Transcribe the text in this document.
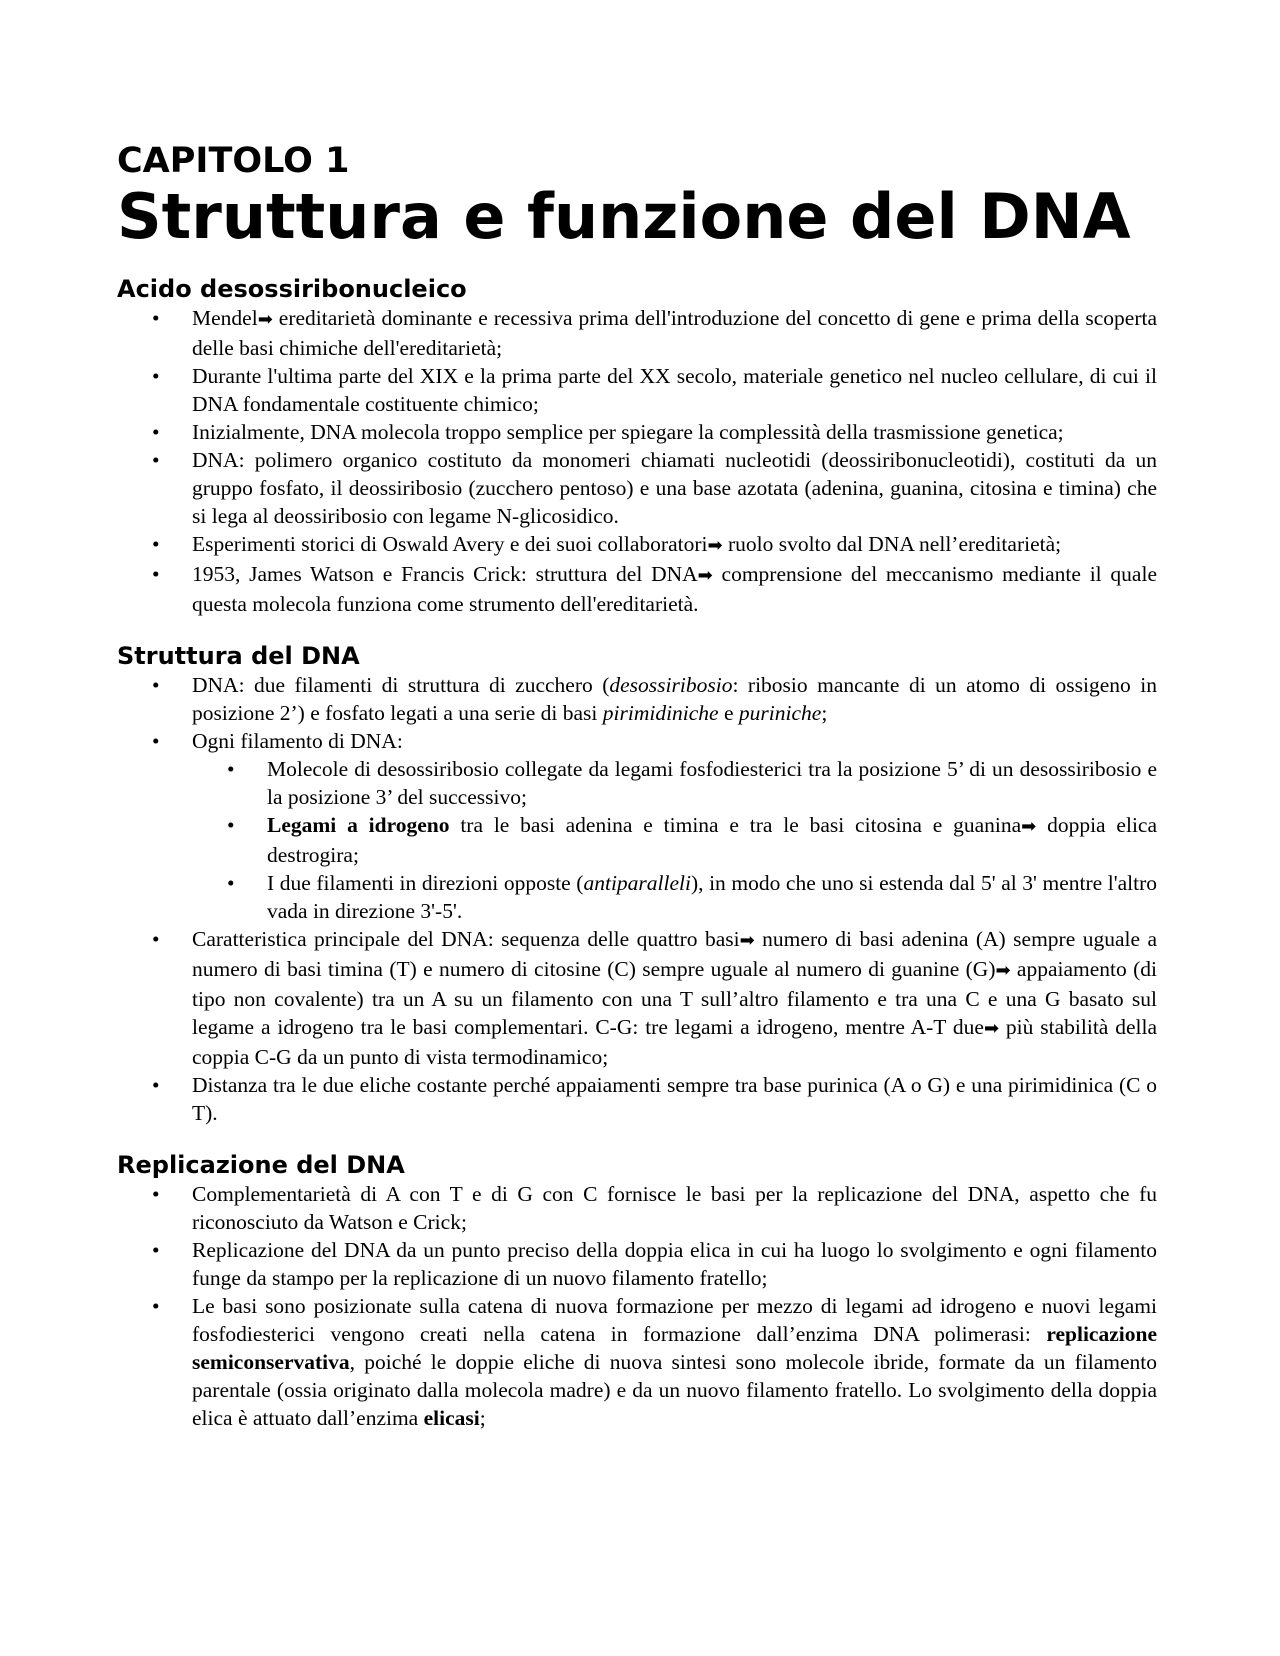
CAPITOLO 1
Struttura e funzione del DNA
Acido desossiribonucleico
• Mendel➡ ereditarietà dominante e recessiva prima dell'introduzione del concetto di gene e prima della scoperta delle basi chimiche dell'ereditarietà;
• Durante l'ultima parte del XIX e la prima parte del XX secolo, materiale genetico nel nucleo cellulare, di cui il DNA fondamentale costituente chimico;
• Inizialmente, DNA molecola troppo semplice per spiegare la complessità della trasmissione genetica;
• DNA: polimero organico costituto da monomeri chiamati nucleotidi (deossiribonucleotidi), costituti da un gruppo fosfato, il deossiribosio (zucchero pentoso) e una base azotata (adenina, guanina, citosina e timina) che si lega al deossiribosio con legame N-glicosidico.
• Esperimenti storici di Oswald Avery e dei suoi collaboratori➡ ruolo svolto dal DNA nell’ereditarietà;
• 1953, James Watson e Francis Crick: struttura del DNA➡ comprensione del meccanismo mediante il quale questa molecola funziona come strumento dell'ereditarietà.
Struttura del DNA
• DNA: due filamenti di struttura di zucchero (desossiribosio: ribosio mancante di un atomo di ossigeno in posizione 2’) e fosfato legati a una serie di basi pirimidiniche e puriniche;
• Ogni filamento di DNA:
• Molecole di desossiribosio collegate da legami fosfodiesterici tra la posizione 5’ di un desossiribosio e la posizione 3’ del successivo;
• Legami a idrogeno tra le basi adenina e timina e tra le basi citosina e guanina➡ doppia elica destrogira;
• I due filamenti in direzioni opposte (antiparalleli), in modo che uno si estenda dal 5' al 3' mentre l'altro vada in direzione 3'-5'.
• Caratteristica principale del DNA: sequenza delle quattro basi➡ numero di basi adenina (A) sempre uguale a numero di basi timina (T) e numero di citosine (C) sempre uguale al numero di guanine (G)➡ appaiamento (di tipo non covalente) tra un A su un filamento con una T sull’altro filamento e tra una C e una G basato sul legame a idrogeno tra le basi complementari. C-G: tre legami a idrogeno, mentre A-T due➡ più stabilità della coppia C-G da un punto di vista termodinamico;
• Distanza tra le due eliche costante perché appaiamenti sempre tra base purinica (A o G) e una pirimidinica (C o T).
Replicazione del DNA
• Complementarietà di A con T e di G con C fornisce le basi per la replicazione del DNA, aspetto che fu riconosciuto da Watson e Crick;
• Replicazione del DNA da un punto preciso della doppia elica in cui ha luogo lo svolgimento e ogni filamento funge da stampo per la replicazione di un nuovo filamento fratello;
• Le basi sono posizionate sulla catena di nuova formazione per mezzo di legami ad idrogeno e nuovi legami fosfodiesterici vengono creati nella catena in formazione dall’enzima DNA polimerasi: replicazione semiconservativa, poiché le doppie eliche di nuova sintesi sono molecole ibride, formate da un filamento parentale (ossia originato dalla molecola madre) e da un nuovo filamento fratello. Lo svolgimento della doppia elica è attuato dall’enzima elicasi;
